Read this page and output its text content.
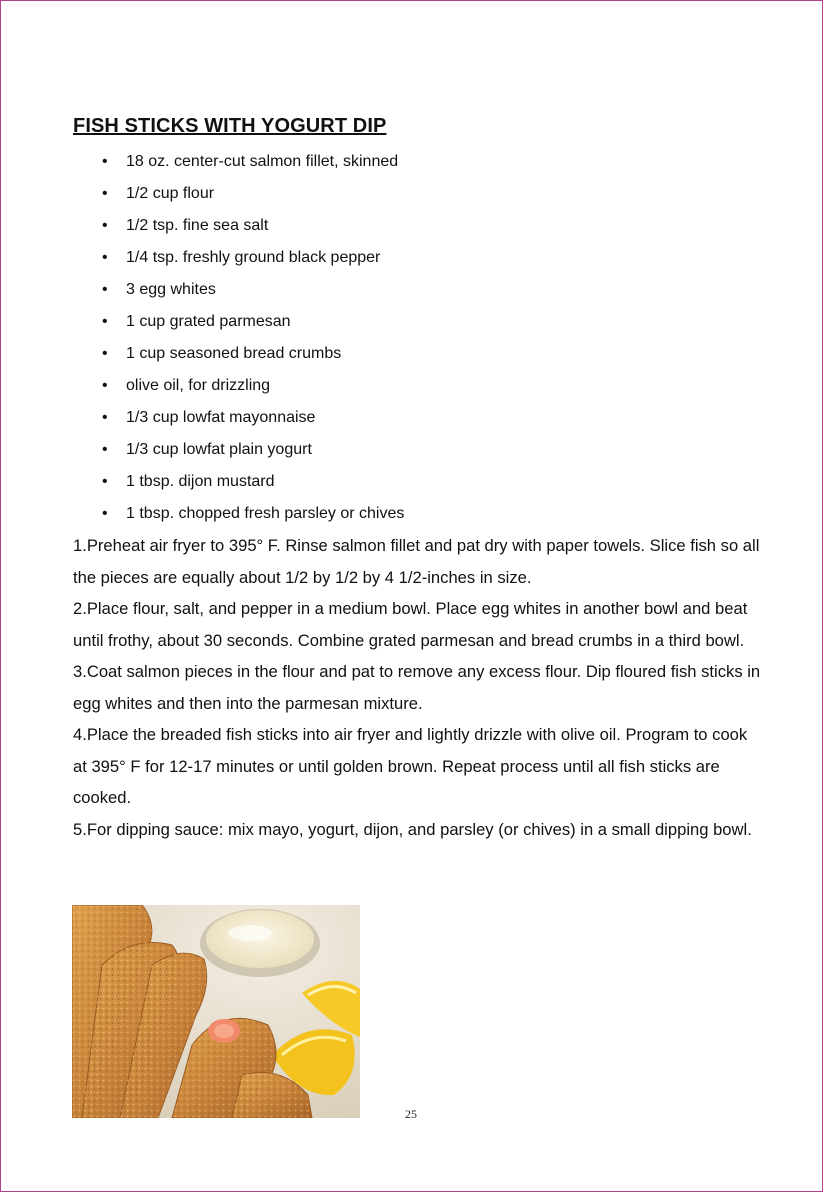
FISH STICKS WITH YOGURT DIP
• 18 oz. center-cut salmon fillet, skinned
• 1/2 cup flour
• 1/2 tsp. fine sea salt
• 1/4 tsp. freshly ground black pepper
• 3 egg whites
• 1 cup grated parmesan
• 1 cup seasoned bread crumbs
• olive oil, for drizzling
• 1/3 cup lowfat mayonnaise
• 1/3 cup lowfat plain yogurt
• 1 tbsp. dijon mustard
• 1 tbsp. chopped fresh parsley or chives

1.Preheat air fryer to 395° F. Rinse salmon fillet and pat dry with paper towels. Slice fish so all the pieces are equally about 1/2 by 1/2 by 4 1/2-inches in size.

2.Place flour, salt, and pepper in a medium bowl. Place egg whites in another bowl and beat until frothy, about 30 seconds. Combine grated parmesan and bread crumbs in a third bowl.

3.Coat salmon pieces in the flour and pat to remove any excess flour. Dip floured fish sticks in egg whites and then into the parmesan mixture.

4.Place the breaded fish sticks into air fryer and lightly drizzle with olive oil. Program to cook at 395° F for 12-17 minutes or until golden brown. Repeat process until all fish sticks are cooked.

5.For dipping sauce: mix mayo, yogurt, dijon, and parsley (or chives) in a small dipping bowl.

25
